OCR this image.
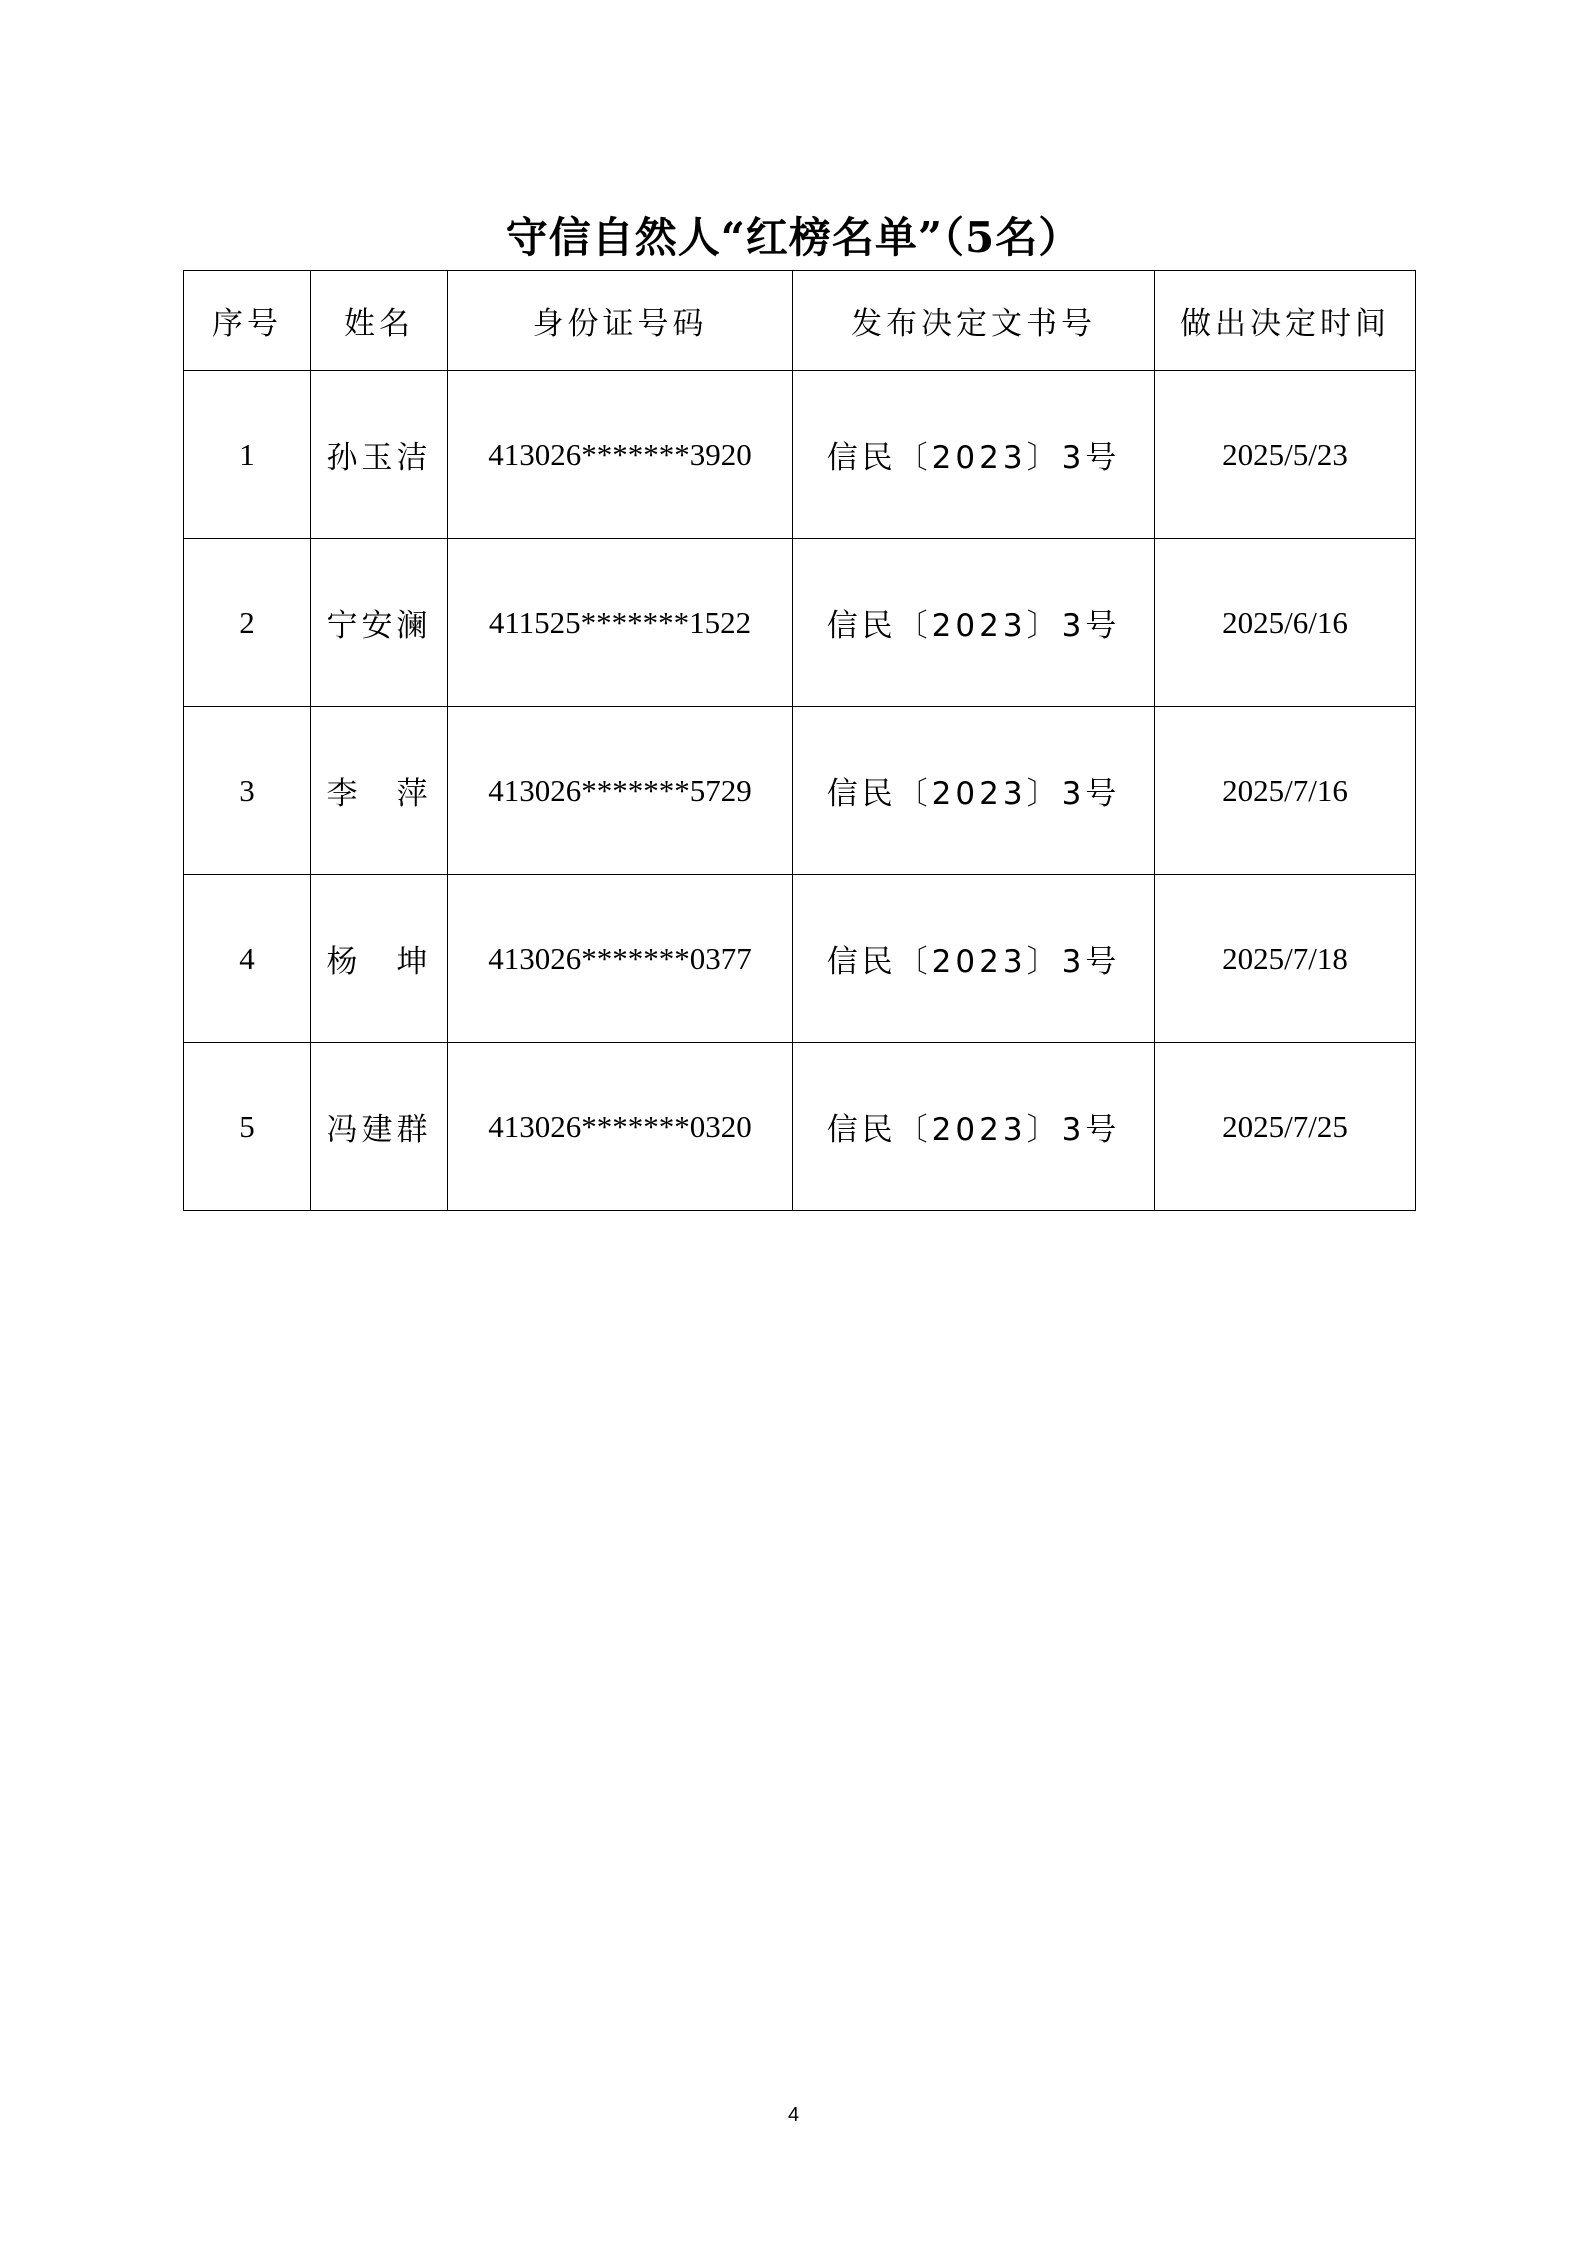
守信自然人“红榜名单”（5名）
序号	姓名	身份证号码	发布决定文书号	做出决定时间
1	孙玉洁	413026*******3920	信民〔2023〕3号	2025/5/23
2	宁安澜	411525*******1522	信民〔2023〕3号	2025/6/16
3	李　萍	413026*******5729	信民〔2023〕3号	2025/7/16
4	杨　坤	413026*******0377	信民〔2023〕3号	2025/7/18
5	冯建群	413026*******0320	信民〔2023〕3号	2025/7/25
4
